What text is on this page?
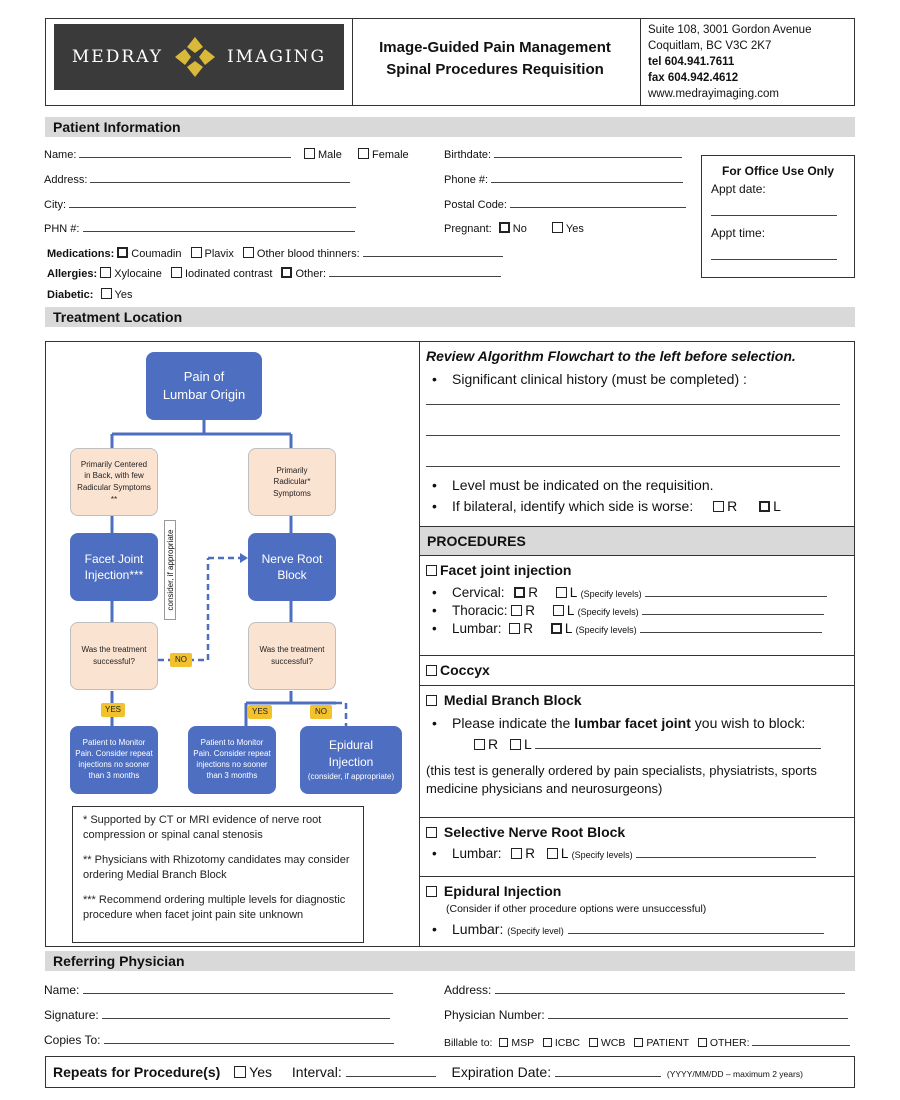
MEDRAY	IMAGING	Image-Guided Pain Management
Spinal Procedures Requisition
Suite 108, 3001 Gordon Avenue
Coquitlam, BC V3C 2K7
tel 604.941.7611
fax 604.942.4612
www.medrayimaging.com
Patient Information
Name:	Male	Female	Birthdate:
Address:	Phone #:
City:	Postal Code:
PHN #:	Pregnant: No	Yes
Medications: Coumadin Plavix Other blood thinners:
Allergies: Xylocaine Iodinated contrast Other:
Diabetic: Yes
For Office Use Only
Appt date:
Appt time:
Treatment Location
Pain of Lumbar Origin
Primarily Centered in Back, with few Radicular Symptoms **
Primarily Radicular* Symptoms
Facet Joint Injection***
Nerve Root Block
consider, if appropriate
Was the treatment successful?
Was the treatment successful?
NO
YES	YES	NO
Patient to Monitor Pain. Consider repeat injections no sooner than 3 months
Patient to Monitor Pain. Consider repeat injections no sooner than 3 months
Epidural Injection
(consider, if appropriate)
* Supported by CT or MRI evidence of nerve root compression or spinal canal stenosis
** Physicians with Rhizotomy candidates may consider ordering Medial Branch Block
*** Recommend ordering multiple levels for diagnostic procedure when facet joint pain site unknown
Review Algorithm Flowchart to the left before selection.
• Significant clinical history (must be completed) :
• Level must be indicated on the requisition.
• If bilateral, identify which side is worse: R	L
PROCEDURES
Facet joint injection
• Cervical: R L (Specify levels)
• Thoracic: R L (Specify levels)
• Lumbar: R L (Specify levels)
Coccyx
Medial Branch Block
• Please indicate the lumbar facet joint you wish to block:
R L
(this test is generally ordered by pain specialists, physiatrists, sports medicine physicians and neurosurgeons)
Selective Nerve Root Block
• Lumbar: R L (Specify levels)
Epidural Injection
(Consider if other procedure options were unsuccessful)
• Lumbar: (Specify level)
Referring Physician
Name:	Address:
Signature:	Physician Number:
Copies To:	Billable to: MSP ICBC WCB PATIENT OTHER:
Repeats for Procedure(s) Yes Interval:	Expiration Date:	(YYYY/MM/DD – maximum 2 years)
